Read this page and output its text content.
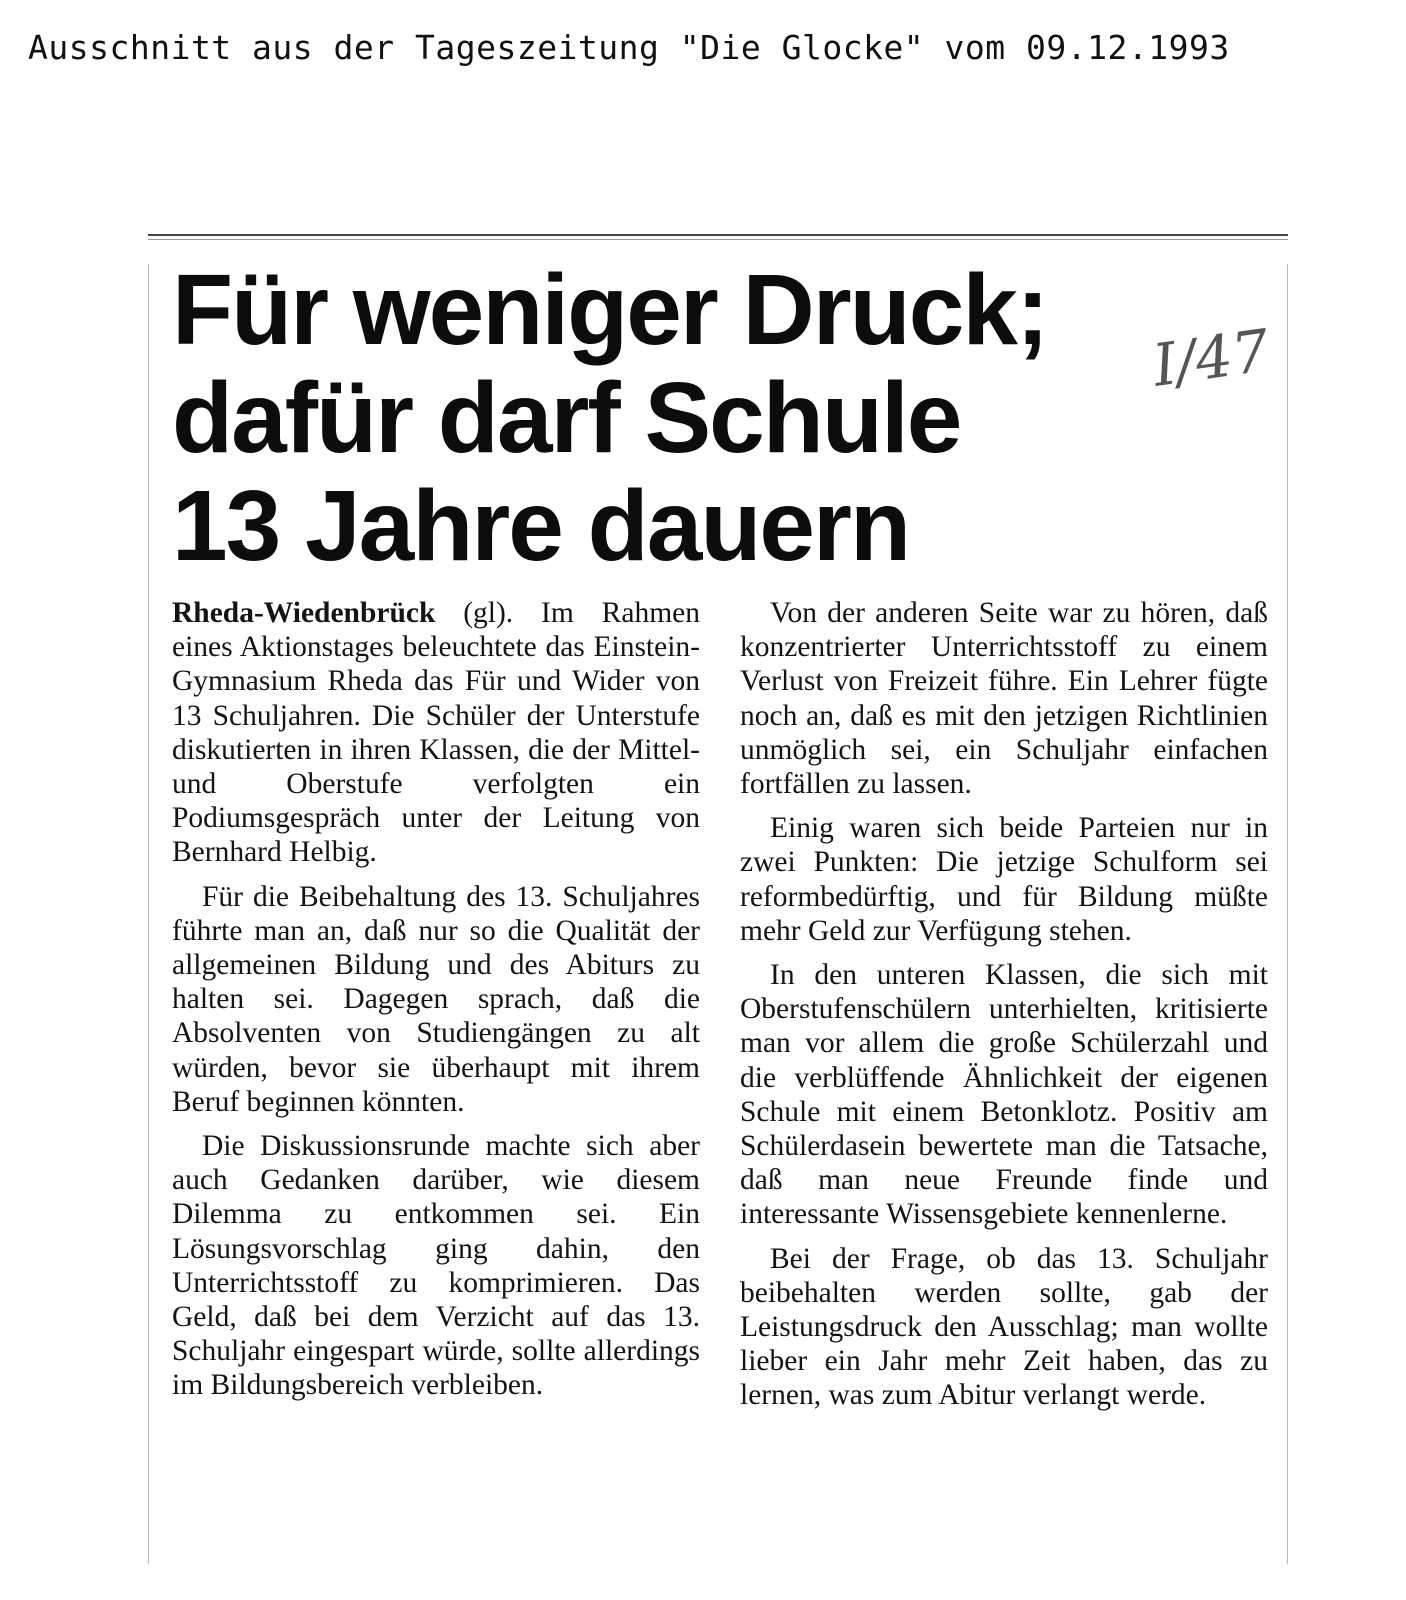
Ausschnitt aus der Tageszeitung "Die Glocke" vom 09.12.1993
Für weniger Druck;
dafür darf Schule
13 Jahre dauern
I/47

Rheda-Wiedenbrück (gl). Im Rahmen eines Aktionstages beleuchtete das Einstein-Gymnasium Rheda das Für und Wider von 13 Schuljahren. Die Schüler der Unterstufe diskutierten in ihren Klassen, die der Mittel- und Oberstufe verfolgten ein Podiumsgespräch unter der Leitung von Bernhard Helbig.

Für die Beibehaltung des 13. Schuljahres führte man an, daß nur so die Qualität der allgemeinen Bildung und des Abiturs zu halten sei. Dagegen sprach, daß die Absolventen von Studiengängen zu alt würden, bevor sie überhaupt mit ihrem Beruf beginnen könnten.

Die Diskussionsrunde machte sich aber auch Gedanken darüber, wie diesem Dilemma zu entkommen sei. Ein Lösungsvorschlag ging dahin, den Unterrichtsstoff zu komprimieren. Das Geld, daß bei dem Verzicht auf das 13. Schuljahr eingespart würde, sollte allerdings im Bildungsbereich verbleiben.

Von der anderen Seite war zu hören, daß konzentrierter Unterrichtsstoff zu einem Verlust von Freizeit führe. Ein Lehrer fügte noch an, daß es mit den jetzigen Richtlinien unmöglich sei, ein Schuljahr einfachen fortfällen zu lassen.

Einig waren sich beide Parteien nur in zwei Punkten: Die jetzige Schulform sei reformbedürftig, und für Bildung müßte mehr Geld zur Verfügung stehen.

In den unteren Klassen, die sich mit Oberstufenschülern unterhielten, kritisierte man vor allem die große Schülerzahl und die verblüffende Ähnlichkeit der eigenen Schule mit einem Betonklotz. Positiv am Schülerdasein bewertete man die Tatsache, daß man neue Freunde finde und interessante Wissensgebiete kennenlerne.

Bei der Frage, ob das 13. Schuljahr beibehalten werden sollte, gab der Leistungsdruck den Ausschlag; man wollte lieber ein Jahr mehr Zeit haben, das zu lernen, was zum Abitur verlangt werde.
